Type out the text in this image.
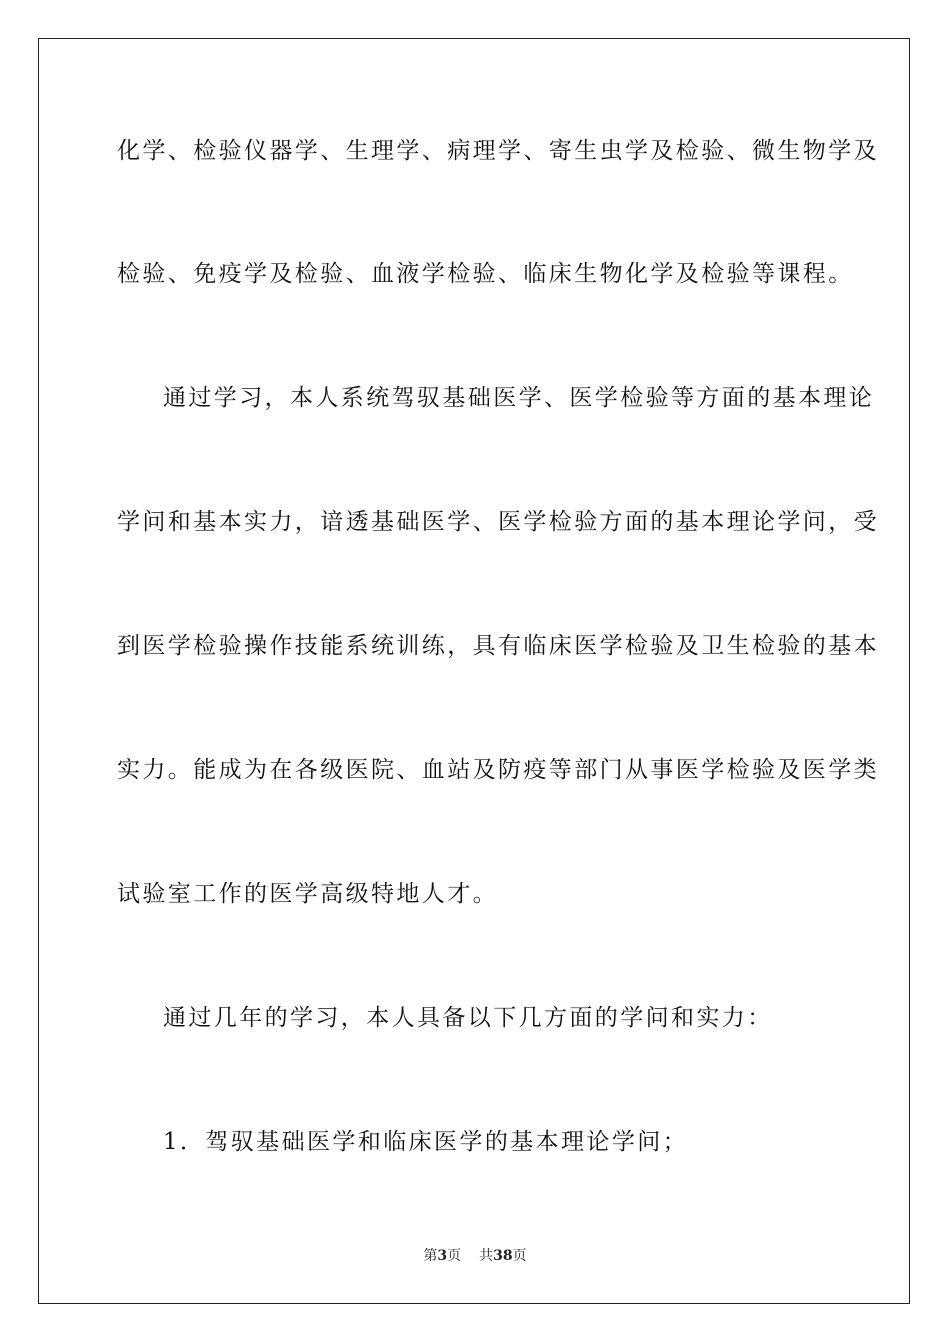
化学、检验仪器学、生理学、病理学、寄生虫学及检验、微生物学及
检验、免疫学及检验、血液学检验、临床生物化学及检验等课程。
通过学习，本人系统驾驭基础医学、医学检验等方面的基本理论
学问和基本实力，谙透基础医学、医学检验方面的基本理论学问，受
到医学检验操作技能系统训练，具有临床医学检验及卫生检验的基本
实力。能成为在各级医院、血站及防疫等部门从事医学检验及医学类
试验室工作的医学高级特地人才。
通过几年的学习，本人具备以下几方面的学问和实力：
1．驾驭基础医学和临床医学的基本理论学问；
第3页 共38页
